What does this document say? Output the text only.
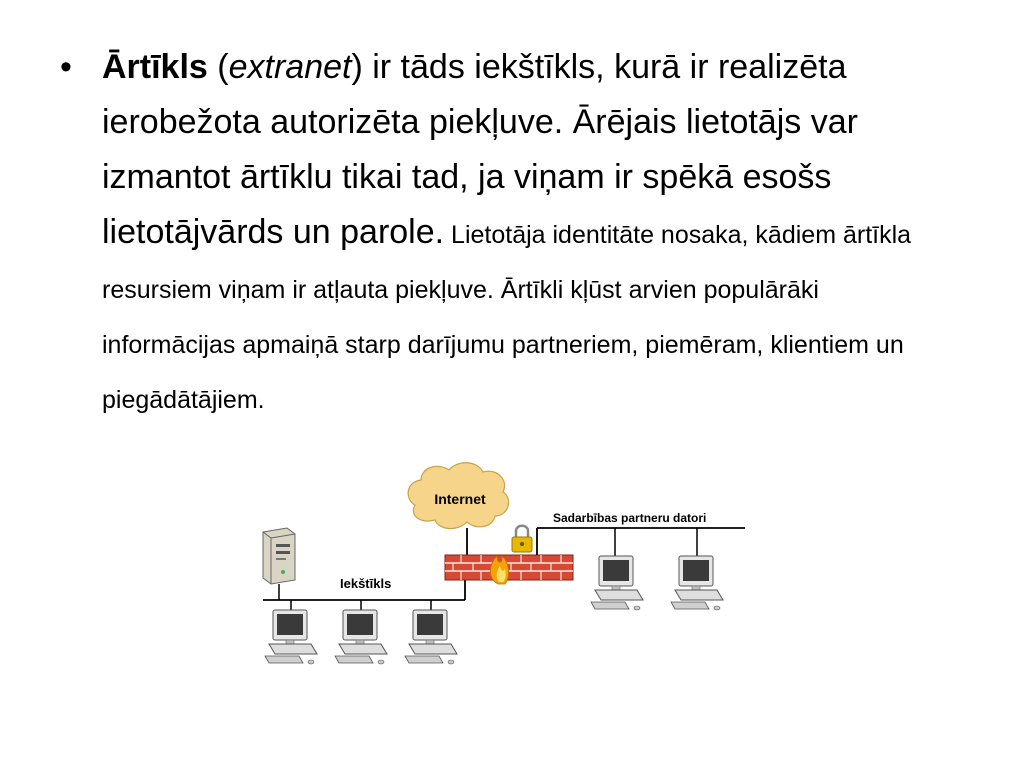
• Ārtīkls (extranet) ir tāds iekštīkls, kurā ir realizēta ierobežota autorizēta piekļuve. Ārējais lietotājs var izmantot ārtīklu tikai tad, ja viņam ir spēkā esošs lietotājvārds un parole. Lietotāja identitāte nosaka, kādiem ārtīkla resursiem viņam ir atļauta piekļuve. Ārtīkli kļūst arvien populārāki informācijas apmaiņā starp darījumu partneriem, piemēram, klientiem un piegādātājiem.
Iekštīkls
Internet
Sadarbības partneru datori
